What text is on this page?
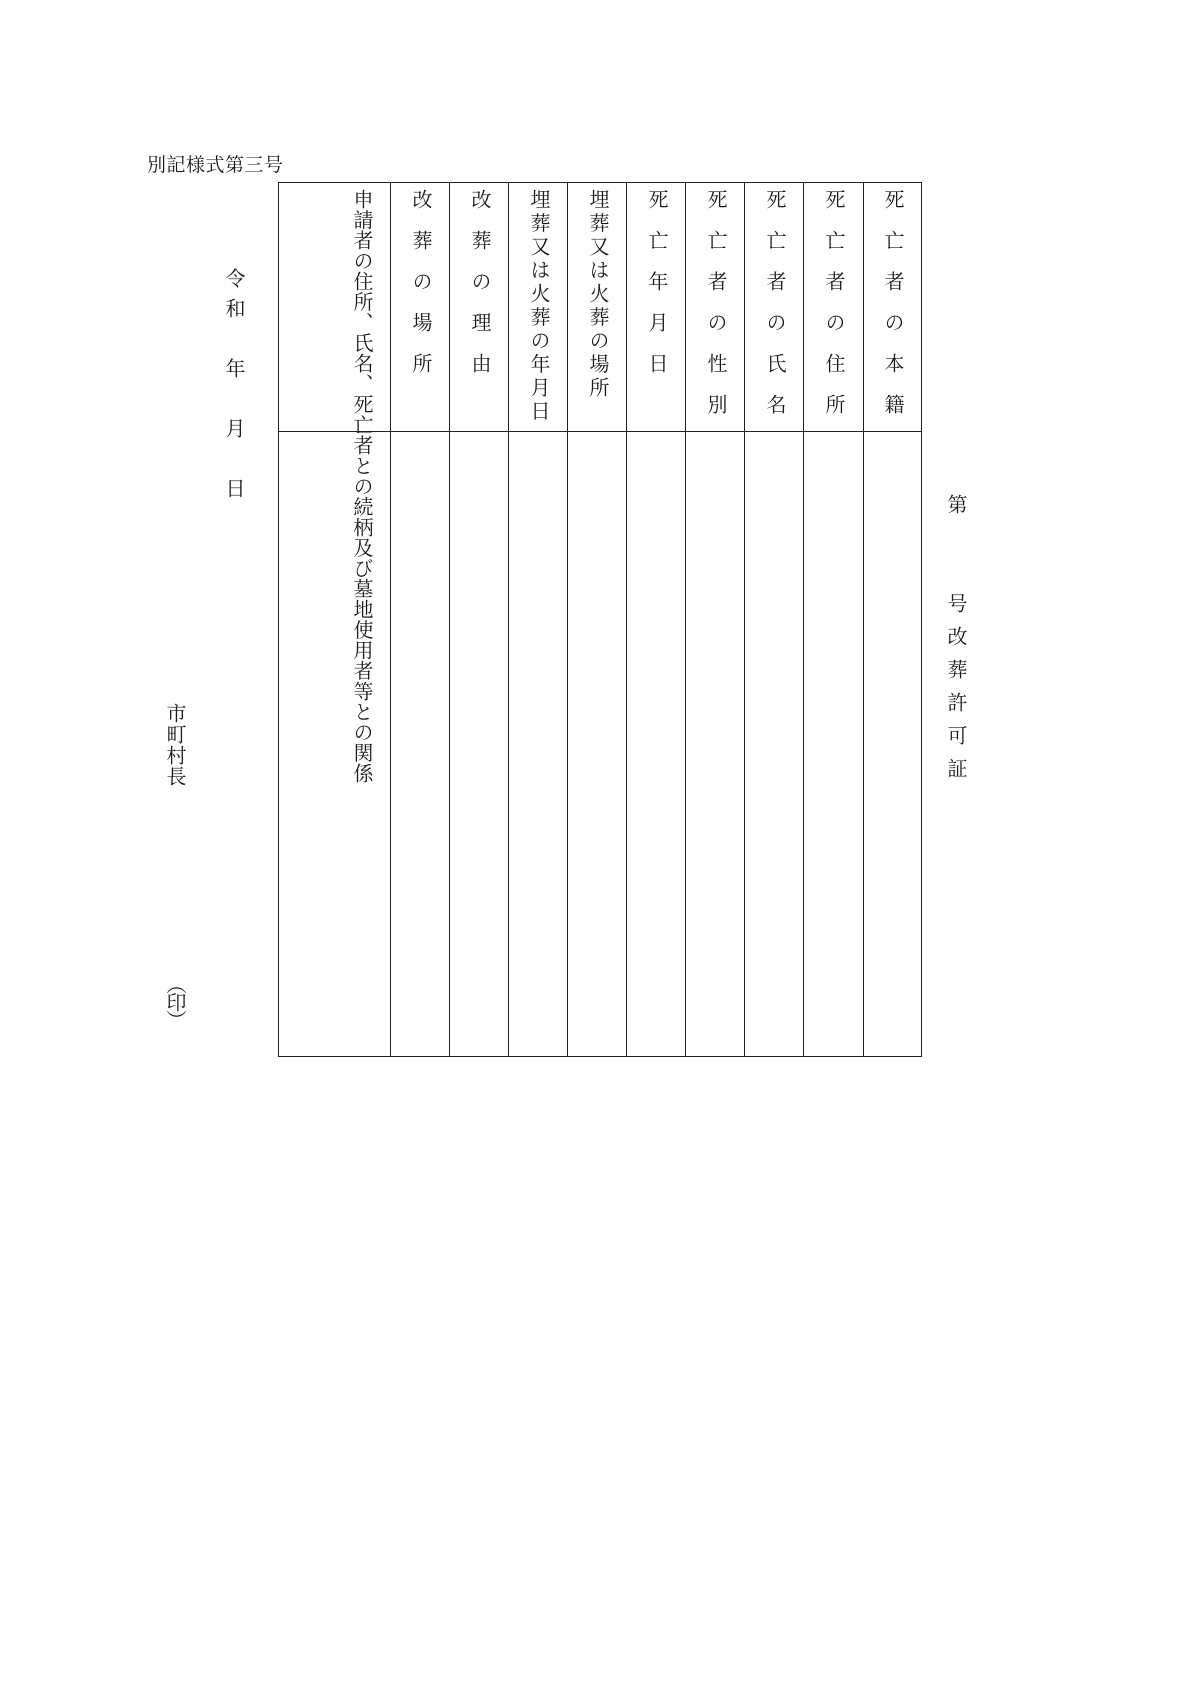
別記様式第三号
第　　号改葬許可証
死亡者の本籍
死亡者の住所
死亡者の氏名
死亡者の性別
死亡年月日
埋葬又は火葬の場所
埋葬又は火葬の年月日
改葬の理由
改葬の場所
申請者の住所、氏名、死亡者との続柄及び墓地使用者等との関係
令和　年　月　日
市町村長
（印）
